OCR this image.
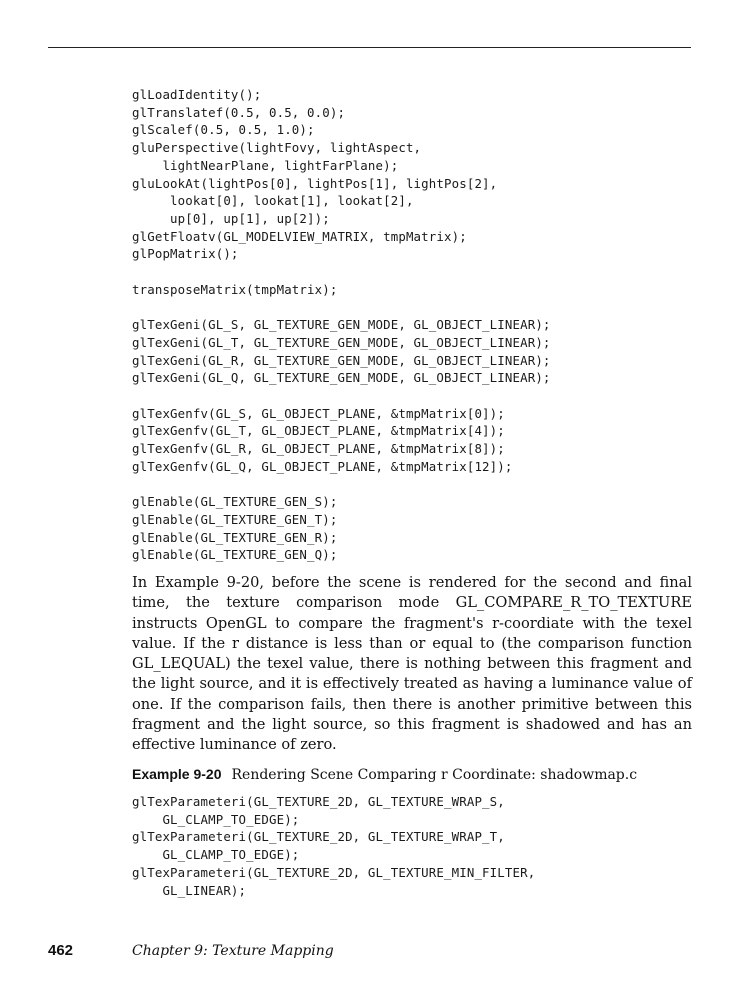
glLoadIdentity();
glTranslatef(0.5, 0.5, 0.0);
glScalef(0.5, 0.5, 1.0);
gluPerspective(lightFovy, lightAspect,
lightNearPlane, lightFarPlane);
gluLookAt(lightPos[0], lightPos[1], lightPos[2],
lookat[0], lookat[1], lookat[2],
up[0], up[1], up[2]);
glGetFloatv(GL_MODELVIEW_MATRIX, tmpMatrix);
glPopMatrix();

transposeMatrix(tmpMatrix);

glTexGeni(GL_S, GL_TEXTURE_GEN_MODE, GL_OBJECT_LINEAR);
glTexGeni(GL_T, GL_TEXTURE_GEN_MODE, GL_OBJECT_LINEAR);
glTexGeni(GL_R, GL_TEXTURE_GEN_MODE, GL_OBJECT_LINEAR);
glTexGeni(GL_Q, GL_TEXTURE_GEN_MODE, GL_OBJECT_LINEAR);

glTexGenfv(GL_S, GL_OBJECT_PLANE, &tmpMatrix[0]);
glTexGenfv(GL_T, GL_OBJECT_PLANE, &tmpMatrix[4]);
glTexGenfv(GL_R, GL_OBJECT_PLANE, &tmpMatrix[8]);
glTexGenfv(GL_Q, GL_OBJECT_PLANE, &tmpMatrix[12]);

glEnable(GL_TEXTURE_GEN_S);
glEnable(GL_TEXTURE_GEN_T);
glEnable(GL_TEXTURE_GEN_R);
glEnable(GL_TEXTURE_GEN_Q);

In Example 9-20, before the scene is rendered for the second and final time, the texture comparison mode GL_COMPARE_R_TO_TEXTURE instructs OpenGL to compare the fragment's r-coordiate with the texel value. If the r distance is less than or equal to (the comparison function GL_LEQUAL) the texel value, there is nothing between this fragment and the light source, and it is effectively treated as having a luminance value of one. If the comparison fails, then there is another primitive between this fragment and the light source, so this fragment is shadowed and has an effective luminance of zero.

Example 9-20 Rendering Scene Comparing r Coordinate: shadowmap.c

glTexParameteri(GL_TEXTURE_2D, GL_TEXTURE_WRAP_S,
GL_CLAMP_TO_EDGE);
glTexParameteri(GL_TEXTURE_2D, GL_TEXTURE_WRAP_T,
GL_CLAMP_TO_EDGE);
glTexParameteri(GL_TEXTURE_2D, GL_TEXTURE_MIN_FILTER,
GL_LINEAR);
462	Chapter 9: Texture Mapping
